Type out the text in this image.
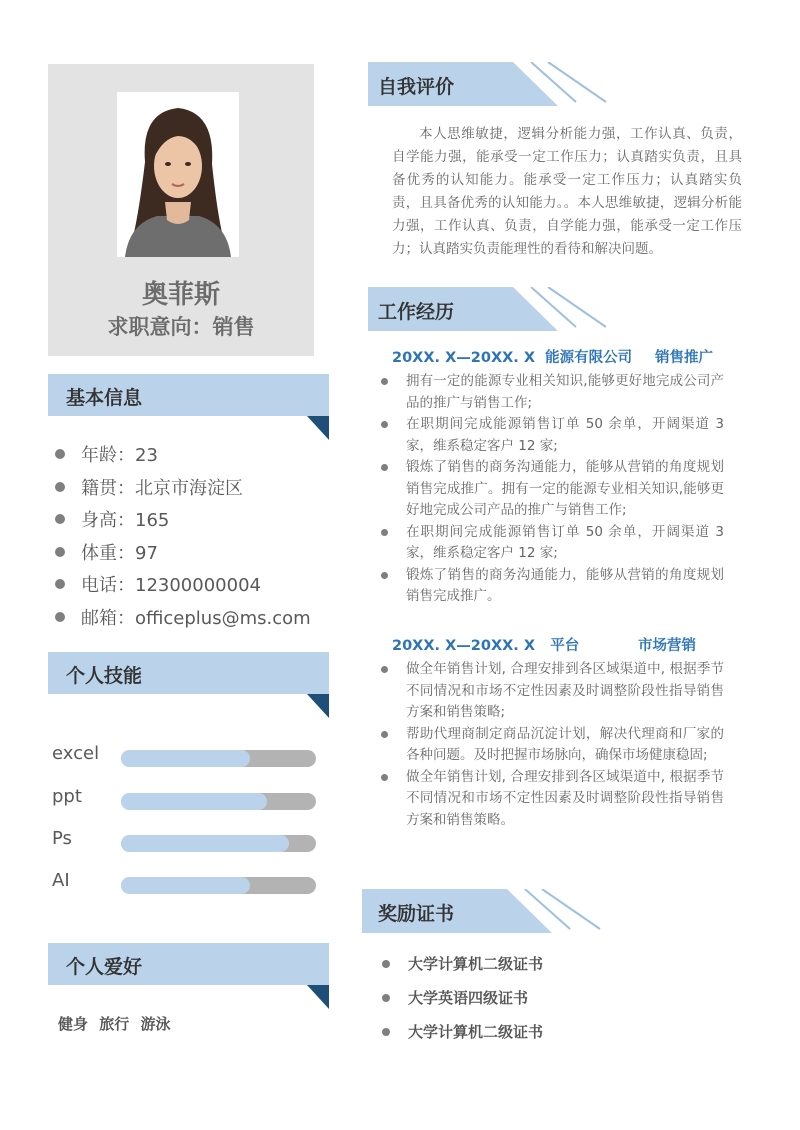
奥菲斯
求职意向：销售
基本信息
年龄：23
籍贯：北京市海淀区
身高：165
体重：97
电话：12300000004
邮箱：officeplus@ms.com
个人技能
excel
ppt
Ps
AI
个人爱好
健身 旅行 游泳
自我评价

本人思维敏捷，逻辑分析能力强，工作认真、负责，自学能力强，能承受一定工作压力；认真踏实负责，且具备优秀的认知能力。能承受一定工作压力；认真踏实负责，且具备优秀的认知能力。。本人思维敏捷，逻辑分析能力强，工作认真、负责，自学能力强，能承受一定工作压力；认真踏实负责能理性的看待和解决问题。

工作经历
20XX. X—20XX. X  能源有限公司 销售推广
拥有一定的能源专业相关知识,能够更好地完成公司产品的推广与销售工作;
在职期间完成能源销售订单 50 余单，开阔渠道 3 家，维系稳定客户 12 家;
锻炼了销售的商务沟通能力，能够从营销的角度规划销售完成推广。拥有一定的能源专业相关知识,能够更好地完成公司产品的推广与销售工作;
在职期间完成能源销售订单 50 余单，开阔渠道 3 家，维系稳定客户 12 家;
锻炼了销售的商务沟通能力，能够从营销的角度规划销售完成推广。
20XX. X—20XX. X   平台	市场营销
做全年销售计划, 合理安排到各区域渠道中, 根据季节不同情况和市场不定性因素及时调整阶段性指导销售方案和销售策略;
帮助代理商制定商品沉淀计划，解决代理商和厂家的各种问题。及时把握市场脉向，确保市场健康稳固;
做全年销售计划, 合理安排到各区域渠道中, 根据季节不同情况和市场不定性因素及时调整阶段性指导销售方案和销售策略。
奖励证书
大学计算机二级证书
大学英语四级证书
大学计算机二级证书
